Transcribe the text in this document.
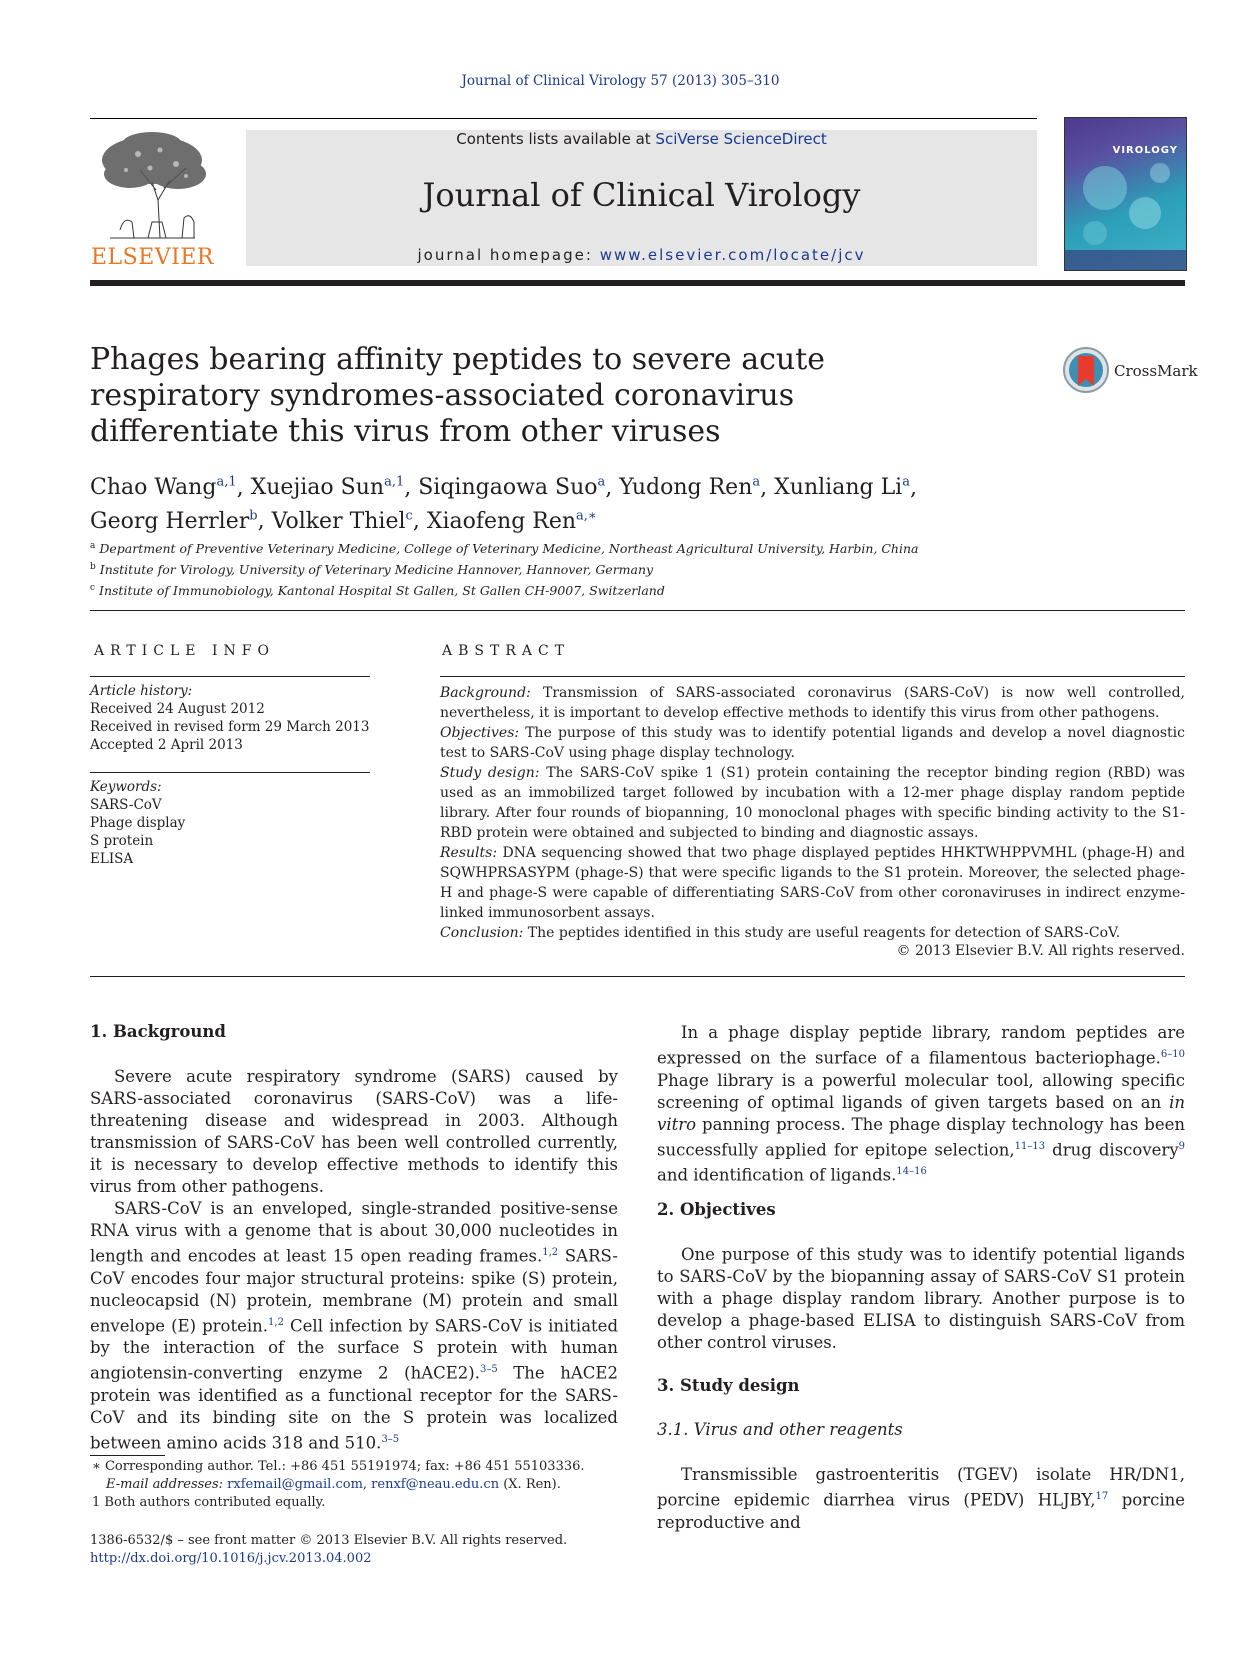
Journal of Clinical Virology 57 (2013) 305–310
Contents lists available at SciVerse ScienceDirect
Journal of Clinical Virology
journal homepage: www.elsevier.com/locate/jcv
ELSEVIER
VIROLOGY
Phages bearing affinity peptides to severe acute respiratory syndromes-associated coronavirus differentiate this virus from other viruses
CrossMark
Chao Wang$^{a,1}$, Xuejiao Sun$^{a,1}$, Siqingaowa Suo$^a$, Yudong Ren$^a$, Xunliang Li$^a$,
Georg Herrler$^b$, Volker Thiel$^c$, Xiaofeng Ren$^{a,∗}$
$^a$ Department of Preventive Veterinary Medicine, College of Veterinary Medicine, Northeast Agricultural University, Harbin, China
$^b$ Institute for Virology, University of Veterinary Medicine Hannover, Hannover, Germany
$^c$ Institute of Immunobiology, Kantonal Hospital St Gallen, St Gallen CH-9007, Switzerland
ARTICLE INFO	ABSTRACT
Article history:
Received 24 August 2012
Received in revised form 29 March 2013
Accepted 2 April 2013
Keywords:
SARS-CoV
Phage display
S protein
ELISA

Background: Transmission of SARS-associated coronavirus (SARS-CoV) is now well controlled, nevertheless, it is important to develop effective methods to identify this virus from other pathogens.

Objectives: The purpose of this study was to identify potential ligands and develop a novel diagnostic test to SARS-CoV using phage display technology.

Study design: The SARS-CoV spike 1 (S1) protein containing the receptor binding region (RBD) was used as an immobilized target followed by incubation with a 12-mer phage display random peptide library. After four rounds of biopanning, 10 monoclonal phages with specific binding activity to the S1-RBD protein were obtained and subjected to binding and diagnostic assays.

Results: DNA sequencing showed that two phage displayed peptides HHKTWHPPVMHL (phage-H) and SQWHPRSASYPM (phage-S) that were specific ligands to the S1 protein. Moreover, the selected phage-H and phage-S were capable of differentiating SARS-CoV from other coronaviruses in indirect enzyme-linked immunosorbent assays.

Conclusion: The peptides identified in this study are useful reagents for detection of SARS-CoV.

© 2013 Elsevier B.V. All rights reserved.
1. Background

Severe acute respiratory syndrome (SARS) caused by SARS-associated coronavirus (SARS-CoV) was a life-threatening disease and widespread in 2003. Although transmission of SARS-CoV has been well controlled currently, it is necessary to develop effective methods to identify this virus from other pathogens.

SARS-CoV is an enveloped, single-stranded positive-sense RNA virus with a genome that is about 30,000 nucleotides in length and encodes at least 15 open reading frames.$^{1,2}$ SARS-CoV encodes four major structural proteins: spike (S) protein, nucleocapsid (N) protein, membrane (M) protein and small envelope (E) protein.$^{1,2}$ Cell infection by SARS-CoV is initiated by the interaction of the surface S protein with human angiotensin-converting enzyme 2 (hACE2).$^{3-5}$ The hACE2 protein was identified as a functional receptor for the SARS-CoV and its binding site on the S protein was localized between amino acids 318 and 510.$^{3-5}$

In a phage display peptide library, random peptides are expressed on the surface of a filamentous bacteriophage.$^{6-10}$ Phage library is a powerful molecular tool, allowing specific screening of optimal ligands of given targets based on an in vitro panning process. The phage display technology has been successfully applied for epitope selection,$^{11-13}$ drug discovery$^9$ and identification of ligands.$^{14-16}$

2. Objectives

One purpose of this study was to identify potential ligands to SARS-CoV by the biopanning assay of SARS-CoV S1 protein with a phage display random library. Another purpose is to develop a phage-based ELISA to distinguish SARS-CoV from other control viruses.

3. Study design
3.1. Virus and other reagents

Transmissible gastroenteritis (TGEV) isolate HR/DN1, porcine epidemic diarrhea virus (PEDV) HLJBY,$^{17}$ porcine reproductive and

∗ Corresponding author. Tel.: +86 451 55191974; fax: +86 451 55103336.
E-mail addresses: rxfemail@gmail.com, renxf@neau.edu.cn (X. Ren).
1 Both authors contributed equally.
1386-6532/$ – see front matter © 2013 Elsevier B.V. All rights reserved.
http://dx.doi.org/10.1016/j.jcv.2013.04.002
